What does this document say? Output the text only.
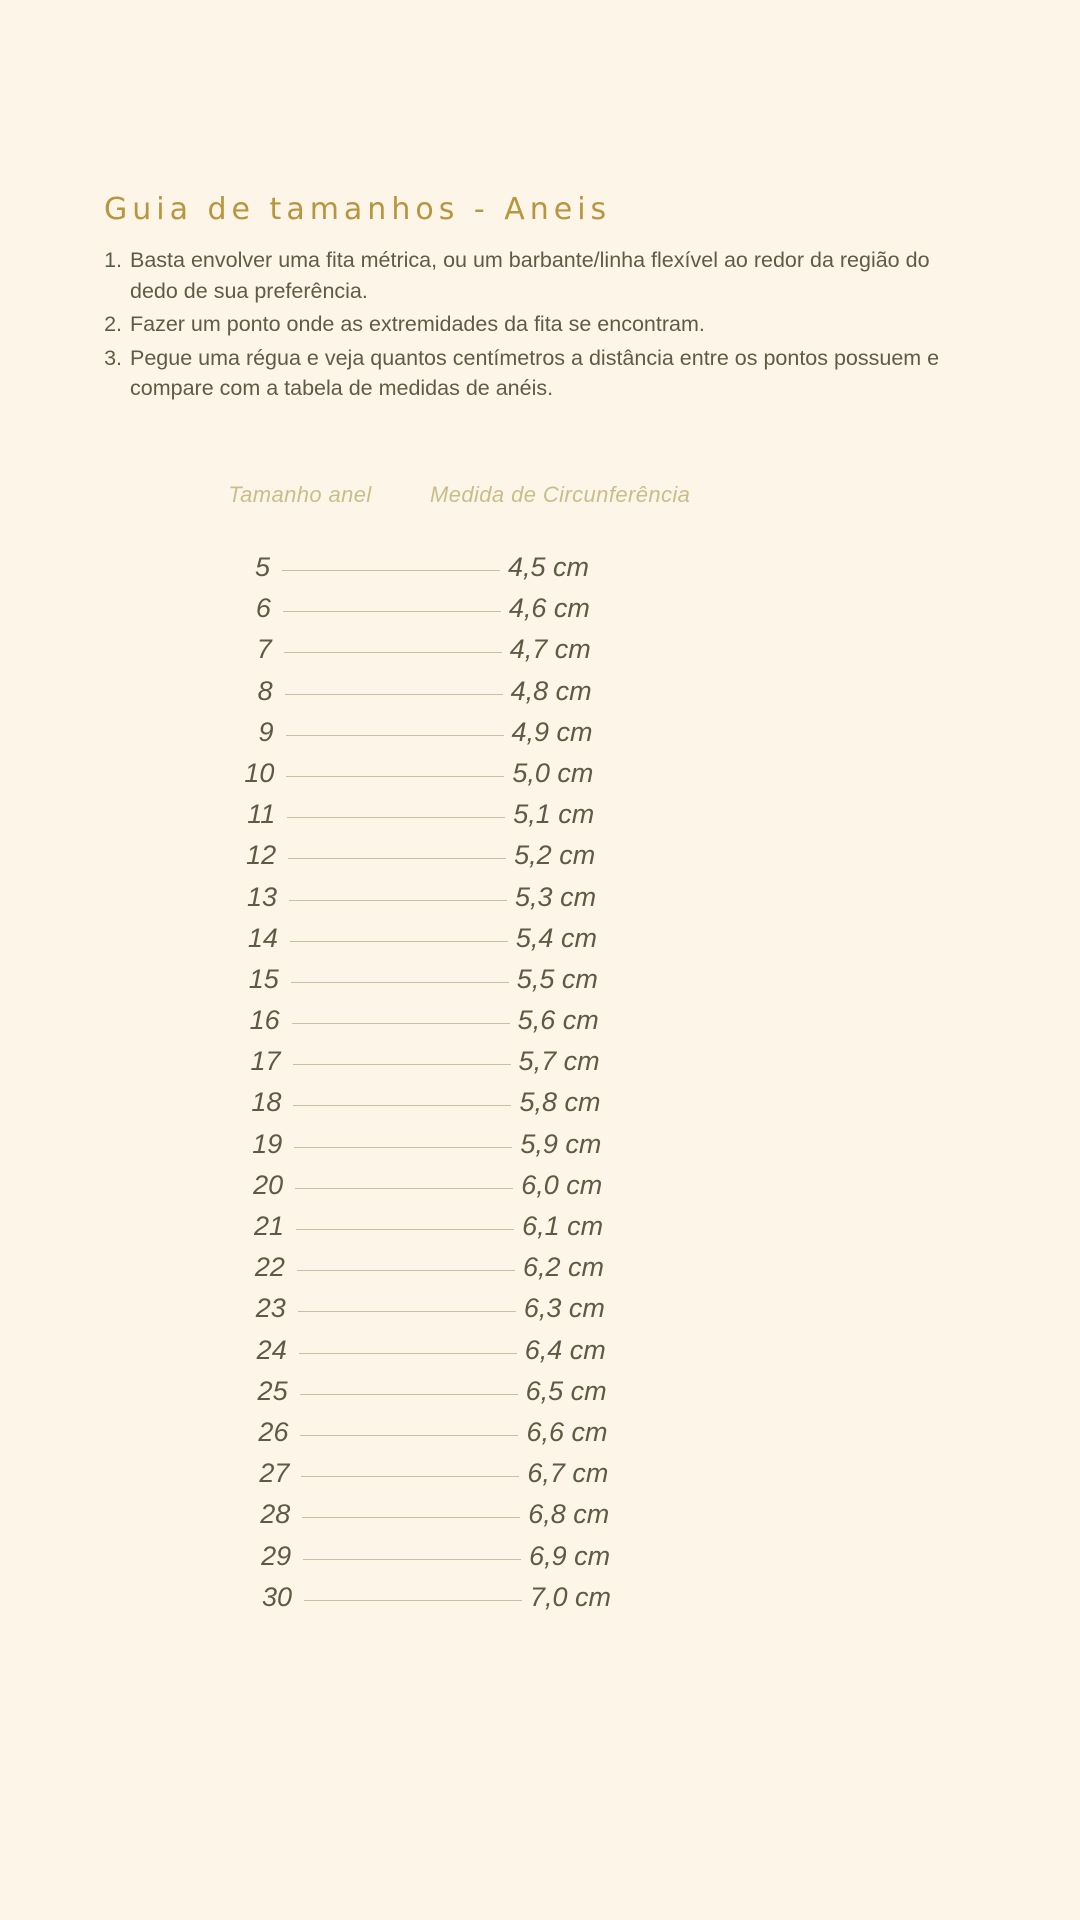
Guia de tamanhos - Aneis
1. Basta envolver uma fita métrica, ou um barbante/linha flexível ao redor da região do dedo de sua preferência.
2. Fazer um ponto onde as extremidades da fita se encontram.
3. Pegue uma régua e veja quantos centímetros a distância entre os pontos possuem e compare com a tabela de medidas de anéis.
Tamanho anel	Medida de Circunferência
5	4,5 cm
6	4,6 cm
7	4,7 cm
8	4,8 cm
9	4,9 cm
10	5,0 cm
11	5,1 cm
12	5,2 cm
13	5,3 cm
14	5,4 cm
15	5,5 cm
16	5,6 cm
17	5,7 cm
18	5,8 cm
19	5,9 cm
20	6,0 cm
21	6,1 cm
22	6,2 cm
23	6,3 cm
24	6,4 cm
25	6,5 cm
26	6,6 cm
27	6,7 cm
28	6,8 cm
29	6,9 cm
30	7,0 cm
